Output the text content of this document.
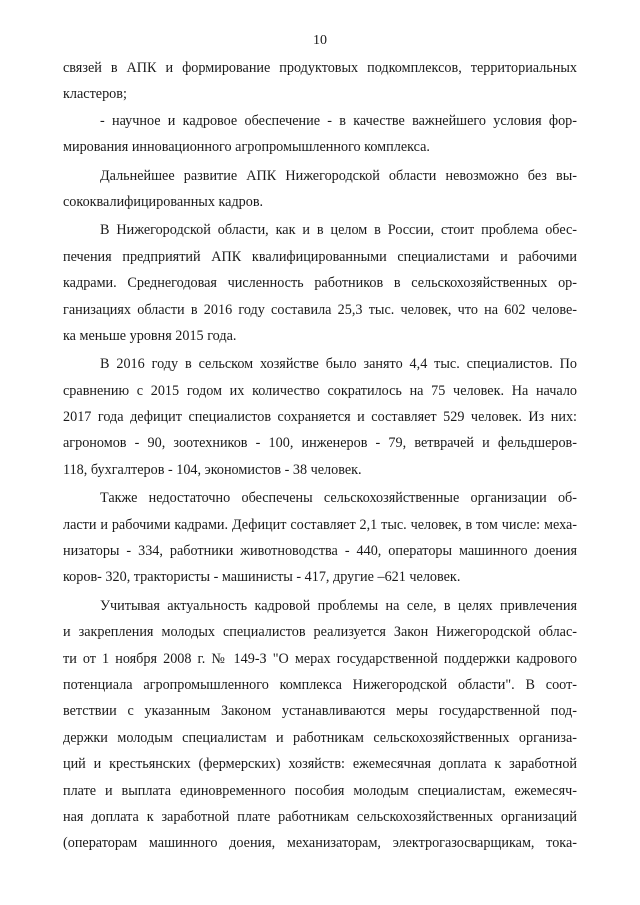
10
связей в АПК и формирование продуктовых подкомплексов, территориальных
кластеров;
- научное и кадровое обеспечение - в качестве важнейшего условия фор-
мирования инновационного агропромышленного комплекса.
Дальнейшее развитие АПК Нижегородской области невозможно без вы-
сококвалифицированных кадров.
В Нижегородской области, как и в целом в России, стоит проблема обес-
печения предприятий АПК квалифицированными специалистами и рабочими
кадрами. Среднегодовая численность работников в сельскохозяйственных ор-
ганизациях области в 2016 году составила 25,3 тыс. человек, что на 602 челове-
ка меньше уровня 2015 года.
В 2016 году в сельском хозяйстве было занято 4,4 тыс. специалистов. По
сравнению с 2015 годом их количество сократилось на 75 человек. На начало
2017 года дефицит специалистов сохраняется и составляет 529 человек. Из них:
агрономов - 90, зоотехников - 100, инженеров - 79, ветврачей и фельдшеров-
118, бухгалтеров - 104, экономистов - 38 человек.
Также недостаточно обеспечены сельскохозяйственные организации об-
ласти и рабочими кадрами. Дефицит составляет 2,1 тыс. человек, в том числе: меха-
низаторы - 334, работники животноводства - 440, операторы машинного доения
коров- 320, трактористы - машинисты - 417, другие –621 человек.
Учитывая актуальность кадровой проблемы на селе, в целях привлечения
и закрепления молодых специалистов реализуется Закон Нижегородской облас-
ти от 1 ноября 2008 г. № 149-З "О мерах государственной поддержки кадрового
потенциала агропромышленного комплекса Нижегородской области". В соот-
ветствии с указанным Законом устанавливаются меры государственной под-
держки молодым специалистам и работникам сельскохозяйственных организа-
ций и крестьянских (фермерских) хозяйств: ежемесячная доплата к заработной
плате и выплата единовременного пособия молодым специалистам, ежемесяч-
ная доплата к заработной плате работникам сельскохозяйственных организаций
(операторам машинного доения, механизаторам, электрогазосварщикам, тока-
